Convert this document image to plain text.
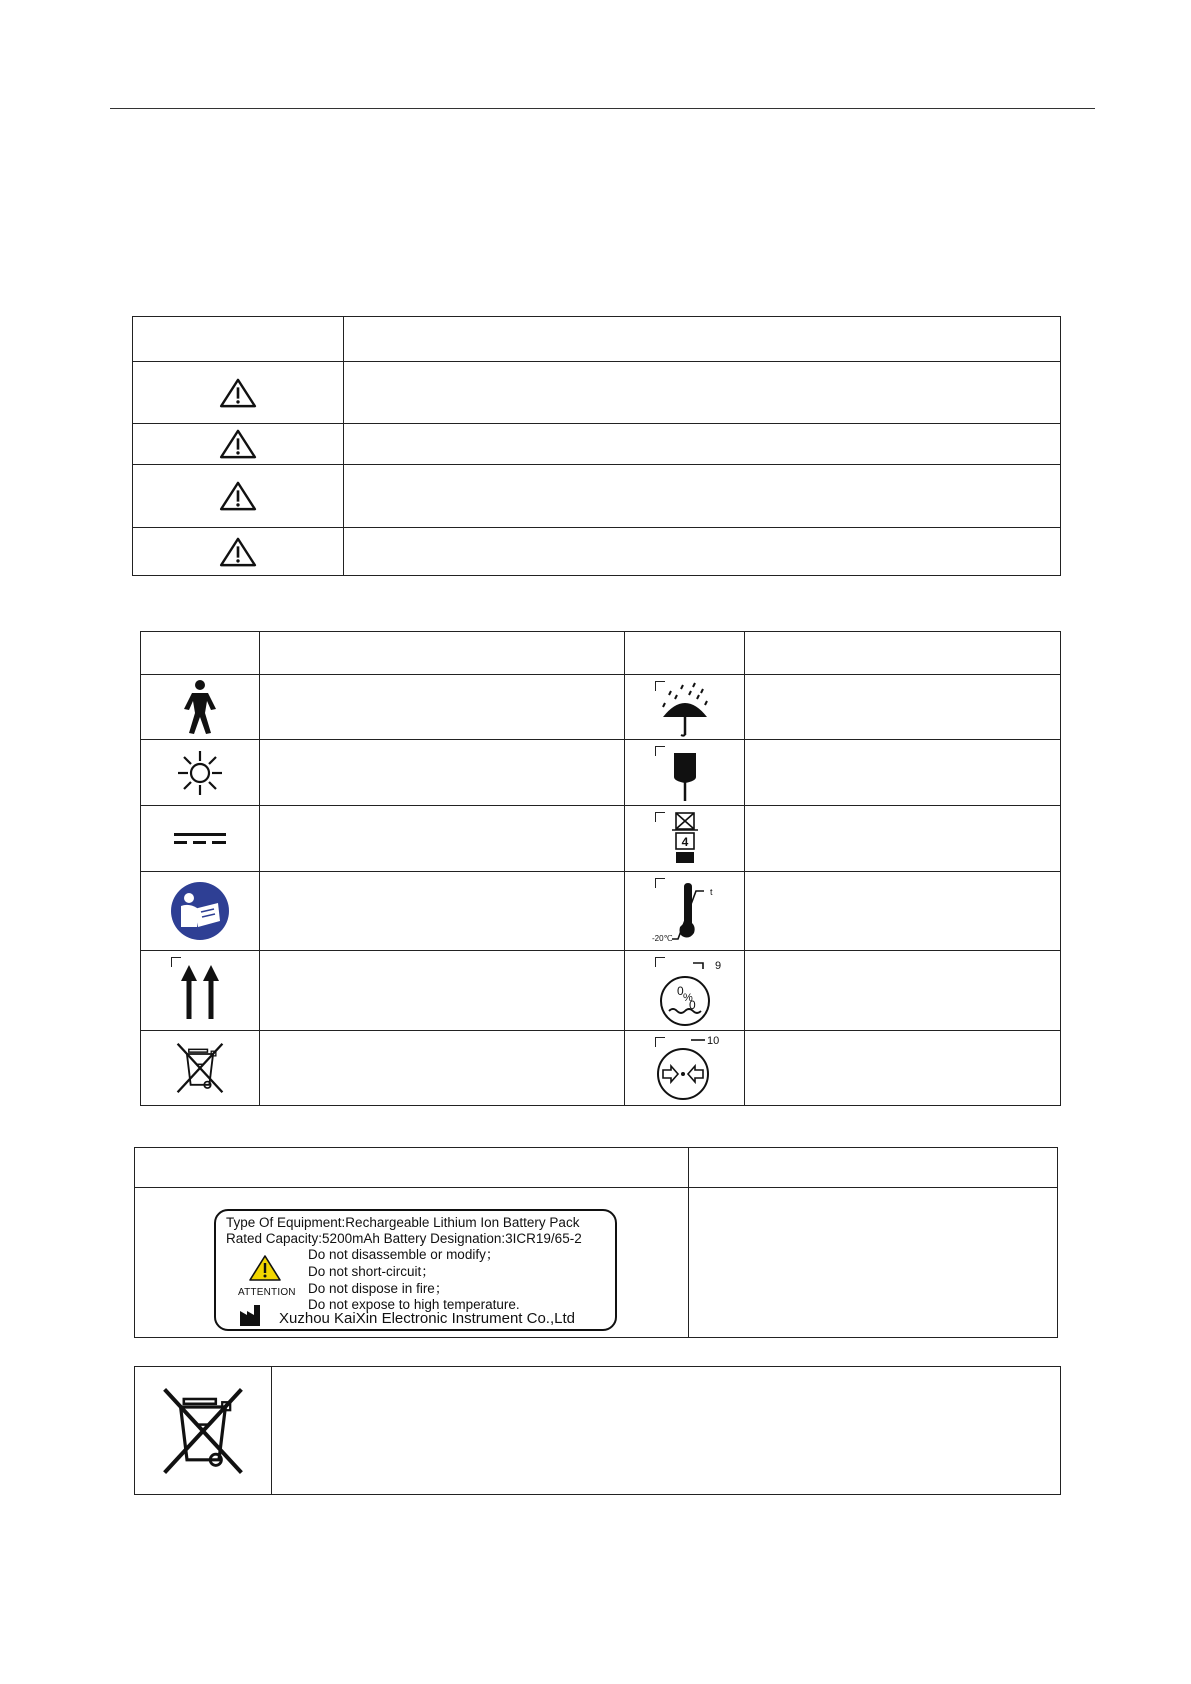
4	

t
-20℃	

0 %
0
9	

10	

Type Of Equipment:Rechargeable Lithium Ion Battery Pack
Rated Capacity:5200mAh Battery Designation:3ICR19/65-2
Do not disassemble or modify；
Do not short-circuit；
Do not dispose in fire；
Do not expose to high temperature.
ATTENTION
Xuzhou KaiXin Electronic Instrument Co.,Ltd
